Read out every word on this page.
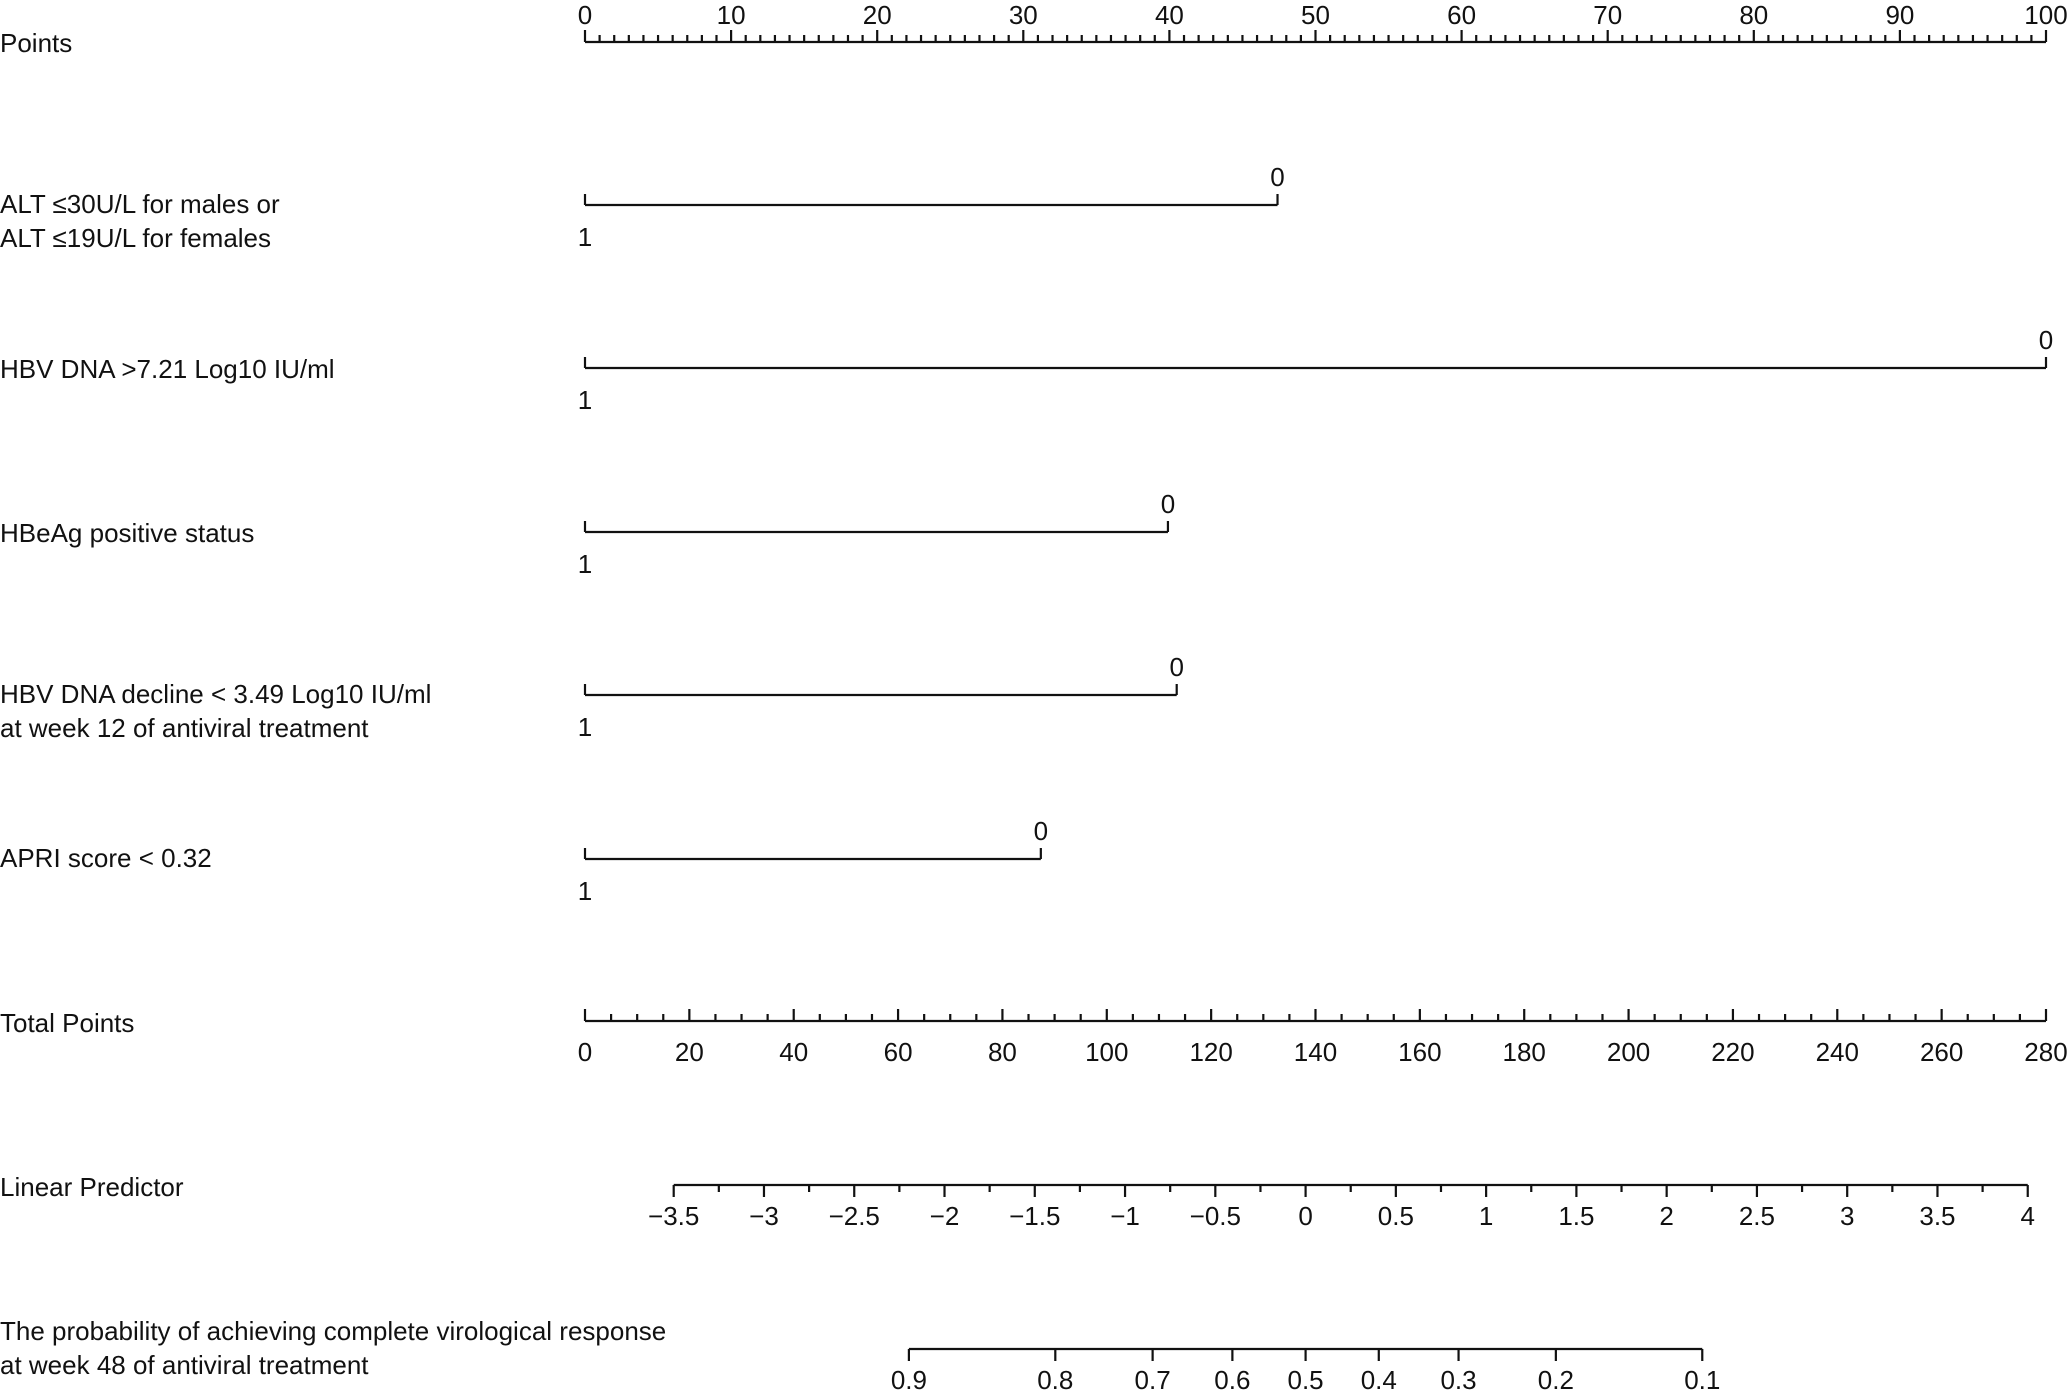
Points
0	10	20	30	40	50	60	70	80	90	100
ALT ≤30U/L for males or
ALT ≤19U/L for females	1
0
HBV DNA >7.21 Log10 IU/ml
1
0
HBeAg positive status
1
0
HBV DNA decline < 3.49 Log10 IU/ml
at week 12 of antiviral treatment	1
0
APRI score < 0.32
1
0
Total Points
0	20	40	60	80	100 120 140 160 180 200 220 240 260 280
Linear Predictor
−3.5 −3 −2.5 −2 −1.5 −1 −0.5 0 0.5 1 1.5 2 2.5 3 3.5 4
The probability of achieving complete virological response
at week 48 of antiviral treatment	0.9	0.8 0.7 0.6 0.5 0.4 0.3 0.2	0.1
